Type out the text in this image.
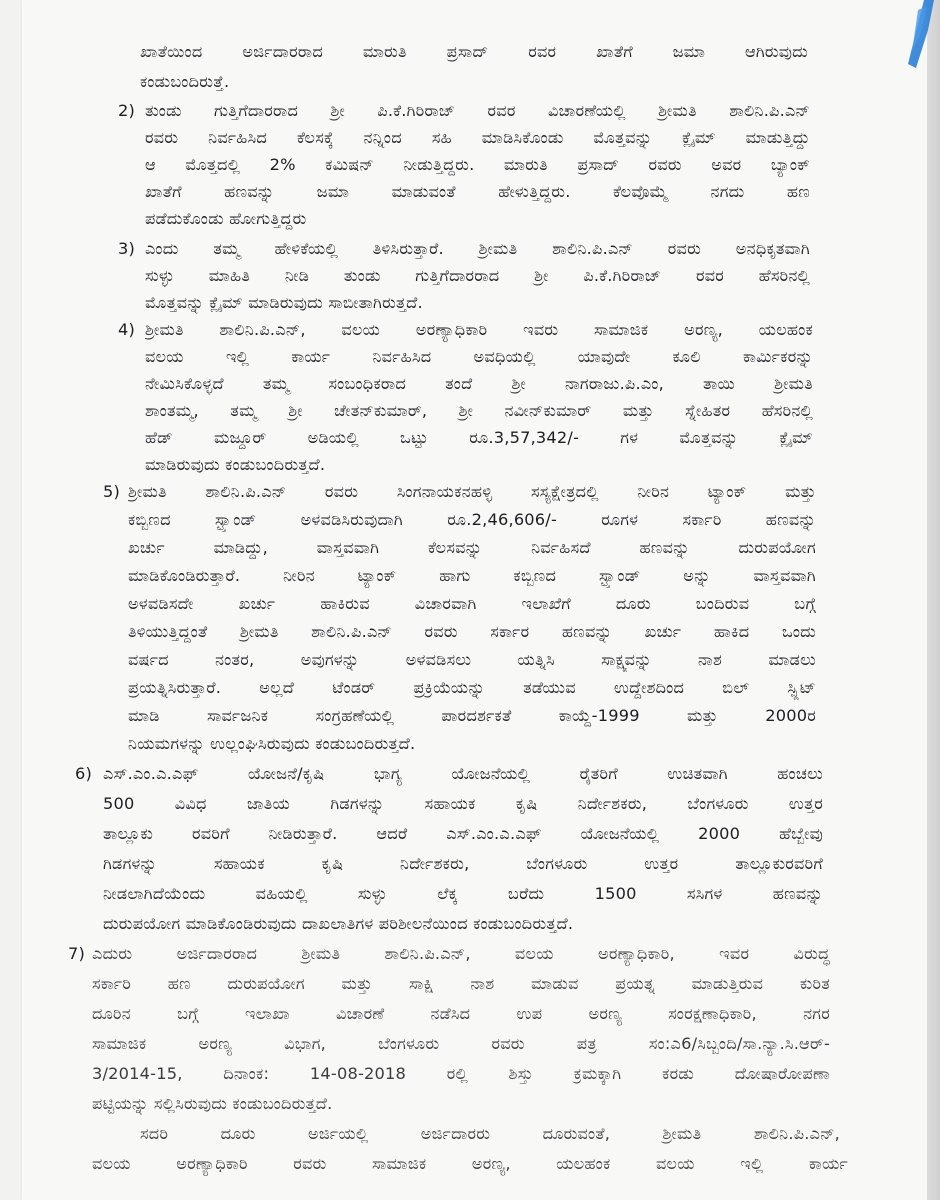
ಖಾತೆಯಿಂದ ಅರ್ಜಿದಾರರಾದ ಮಾರುತಿ ಪ್ರಸಾದ್ ರವರ ಖಾತೆಗೆ ಜಮಾ ಆಗಿರುವುದು
ಕಂಡುಬಂದಿರುತ್ತೆ.
2) ತುಂಡು ಗುತ್ತಿಗೆದಾರರಾದ ಶ್ರೀ ಪಿ.ಕೆ.ಗಿರಿರಾಜ್ ರವರ ವಿಚಾರಣೆಯಲ್ಲಿ ಶ್ರೀಮತಿ ಶಾಲಿನಿ.ಪಿ.ಎನ್
ರವರು ನಿರ್ವಹಿಸಿದ ಕೆಲಸಕ್ಕೆ ನನ್ನಿಂದ ಸಹಿ ಮಾಡಿಸಿಕೊಂಡು ಮೊತ್ತವನ್ನು ಕ್ಲೈಮ್ ಮಾಡುತ್ತಿದ್ದು
ಆ ಮೊತ್ತದಲ್ಲಿ 2% ಕಮಿಷನ್ ನೀಡುತ್ತಿದ್ದರು. ಮಾರುತಿ ಪ್ರಸಾದ್ ರವರು ಅವರ ಬ್ಯಾಂಕ್
ಖಾತೆಗೆ ಹಣವನ್ನು ಜಮಾ ಮಾಡುವಂತೆ ಹೇಳುತ್ತಿದ್ದರು. ಕೆಲವೊಮ್ಮೆ ನಗದು ಹಣ
ಪಡೆದುಕೊಂಡು ಹೋಗುತ್ತಿದ್ದರು
3) ಎಂದು ತಮ್ಮ ಹೇಳಿಕೆಯಲ್ಲಿ ತಿಳಿಸಿರುತ್ತಾರೆ. ಶ್ರೀಮತಿ ಶಾಲಿನಿ.ಪಿ.ಎನ್ ರವರು ಅನಧಿಕೃತವಾಗಿ
ಸುಳ್ಳು ಮಾಹಿತಿ ನೀಡಿ ತುಂಡು ಗುತ್ತಿಗೆದಾರರಾದ ಶ್ರೀ ಪಿ.ಕೆ.ಗಿರಿರಾಜ್ ರವರ ಹೆಸರಿನಲ್ಲಿ
ಮೊತ್ತವನ್ನು ಕ್ಲೈಮ್ ಮಾಡಿರುವುದು ಸಾಬೀತಾಗಿರುತ್ತದೆ.
4) ಶ್ರೀಮತಿ ಶಾಲಿನಿ.ಪಿ.ಎನ್, ವಲಯ ಅರಣ್ಯಾಧಿಕಾರಿ ಇವರು ಸಾಮಾಜಿಕ ಅರಣ್ಯ, ಯಲಹಂಕ
ವಲಯ ಇಲ್ಲಿ ಕಾರ್ಯ ನಿರ್ವಹಿಸಿದ ಅವಧಿಯಲ್ಲಿ ಯಾವುದೇ ಕೂಲಿ ಕಾರ್ಮಿಕರನ್ನು
ನೇಮಿಸಿಕೊಳ್ಳದೆ ತಮ್ಮ ಸಂಬಂಧಿಕರಾದ ತಂದೆ ಶ್ರೀ ನಾಗರಾಜು.ಪಿ.ಎಂ, ತಾಯಿ ಶ್ರೀಮತಿ
ಶಾಂತಮ್ಮ, ತಮ್ಮ ಶ್ರೀ ಚೇತನ್‌ಕುಮಾರ್, ಶ್ರೀ ನವೀನ್‌ಕುಮಾರ್ ಮತ್ತು ಸ್ನೇಹಿತರ ಹೆಸರಿನಲ್ಲಿ
ಹೆಡ್ ಮಜ್ದೂರ್ ಅಡಿಯಲ್ಲಿ ಒಟ್ಟು ರೂ.3,57,342/- ಗಳ ಮೊತ್ತವನ್ನು ಕ್ಲೈಮ್
ಮಾಡಿರುವುದು ಕಂಡುಬಂದಿರುತ್ತದೆ.
5) ಶ್ರೀಮತಿ ಶಾಲಿನಿ.ಪಿ.ಎನ್ ರವರು ಸಿಂಗನಾಯಕನಹಳ್ಳಿ ಸಸ್ಯಕ್ಷೇತ್ರದಲ್ಲಿ ನೀರಿನ ಟ್ಯಾಂಕ್ ಮತ್ತು
ಕಬ್ಬಿಣದ ಸ್ಟ್ಯಾಂಡ್ ಅಳವಡಿಸಿರುವುದಾಗಿ ರೂ.2,46,606/- ರೂಗಳ ಸರ್ಕಾರಿ ಹಣವನ್ನು
ಖರ್ಚು ಮಾಡಿದ್ದು, ವಾಸ್ತವವಾಗಿ ಕೆಲಸವನ್ನು ನಿರ್ವಹಿಸದೆ ಹಣವನ್ನು ದುರುಪಯೋಗ
ಮಾಡಿಕೊಂಡಿರುತ್ತಾರೆ. ನೀರಿನ ಟ್ಯಾಂಕ್ ಹಾಗು ಕಬ್ಬಿಣದ ಸ್ಟ್ಯಾಂಡ್ ಅನ್ನು ವಾಸ್ತವವಾಗಿ
ಅಳವಡಿಸದೇ ಖರ್ಚು ಹಾಕಿರುವ ವಿಚಾರವಾಗಿ ಇಲಾಖೆಗೆ ದೂರು ಬಂದಿರುವ ಬಗ್ಗೆ
ತಿಳಿಯುತ್ತಿದ್ದಂತೆ ಶ್ರೀಮತಿ ಶಾಲಿನಿ.ಪಿ.ಎನ್ ರವರು ಸರ್ಕಾರ ಹಣವನ್ನು ಖರ್ಚು ಹಾಕಿದ ಒಂದು
ವರ್ಷದ ನಂತರ, ಅವುಗಳನ್ನು ಅಳವಡಿಸಲು ಯತ್ನಿಸಿ ಸಾಕ್ಷ್ಯವನ್ನು ನಾಶ ಮಾಡಲು
ಪ್ರಯತ್ನಿಸಿರುತ್ತಾರೆ. ಅಲ್ಲದೆ ಟೆಂಡರ್ ಪ್ರಕ್ರಿಯೆಯನ್ನು ತಡೆಯುವ ಉದ್ದೇಶದಿಂದ ಬಿಲ್ ಸ್ಪ್ಲಿಟ್
ಮಾಡಿ ಸಾರ್ವಜನಿಕ ಸಂಗ್ರಹಣೆಯಲ್ಲಿ ಪಾರದರ್ಶಕತೆ ಕಾಯ್ದೆ-1999 ಮತ್ತು 2000ರ
ನಿಯಮಗಳನ್ನು ಉಲ್ಲಂಘಿಸಿರುವುದು ಕಂಡುಬಂದಿರುತ್ತದೆ.
6) ಎಸ್.ಎಂ.ಎ.ಎಫ್ ಯೋಜನೆ/ಕೃಷಿ ಭಾಗ್ಯ ಯೋಜನೆಯಲ್ಲಿ ರೈತರಿಗೆ ಉಚಿತವಾಗಿ ಹಂಚಲು
500 ವಿವಿಧ ಜಾತಿಯ ಗಿಡಗಳನ್ನು ಸಹಾಯಕ ಕೃಷಿ ನಿರ್ದೇಶಕರು, ಬೆಂಗಳೂರು ಉತ್ತರ
ತಾಲ್ಲೂಕು ರವರಿಗೆ ನೀಡಿರುತ್ತಾರೆ. ಆದರೆ ಎಸ್.ಎಂ.ಎ.ಎಫ್ ಯೋಜನೆಯಲ್ಲಿ 2000 ಹೆಬ್ಬೇವು
ಗಿಡಗಳನ್ನು ಸಹಾಯಕ ಕೃಷಿ ನಿರ್ದೇಶಕರು, ಬೆಂಗಳೂರು ಉತ್ತರ ತಾಲ್ಲೂಕುರವರಿಗೆ
ನೀಡಲಾಗಿದೆಯೆಂದು ವಹಿಯಲ್ಲಿ ಸುಳ್ಳು ಲೆಕ್ಕ ಬರೆದು 1500 ಸಸಿಗಳ ಹಣವನ್ನು
ದುರುಪಯೋಗ ಮಾಡಿಕೊಂಡಿರುವುದು ದಾಖಲಾತಿಗಳ ಪರಿಶೀಲನೆಯಿಂದ ಕಂಡುಬಂದಿರುತ್ತದೆ.
7) ಎದುರು ಅರ್ಜಿದಾರರಾದ ಶ್ರೀಮತಿ ಶಾಲಿನಿ.ಪಿ.ಎನ್, ವಲಯ ಅರಣ್ಯಾಧಿಕಾರಿ, ಇವರ ವಿರುದ್ಧ
ಸರ್ಕಾರಿ ಹಣ ದುರುಪಯೋಗ ಮತ್ತು ಸಾಕ್ಷಿ ನಾಶ ಮಾಡುವ ಪ್ರಯತ್ನ ಮಾಡುತ್ತಿರುವ ಕುರಿತ
ದೂರಿನ ಬಗ್ಗೆ ಇಲಾಖಾ ವಿಚಾರಣೆ ನಡೆಸಿದ ಉಪ ಅರಣ್ಯ ಸಂರಕ್ಷಣಾಧಿಕಾರಿ, ನಗರ
ಸಾಮಾಜಿಕ ಅರಣ್ಯ ವಿಭಾಗ, ಬೆಂಗಳೂರು ರವರು ಪತ್ರ ಸಂ:ಎ6/ಸಿಬ್ಬಂದಿ/ಸಾ.ನ್ಯಾ.ಸಿ.ಆರ್-
3/2014-15, ದಿನಾಂಕ: 14-08-2018 ರಲ್ಲಿ ಶಿಸ್ತು ಕ್ರಮಕ್ಕಾಗಿ ಕರಡು ದೋಷಾರೋಪಣಾ
ಪಟ್ಟಿಯನ್ನು ಸಲ್ಲಿಸಿರುವುದು ಕಂಡುಬಂದಿರುತ್ತದೆ.
ಸದರಿ ದೂರು ಅರ್ಜಿಯಲ್ಲಿ ಅರ್ಜಿದಾರರು ದೂರುವಂತೆ, ಶ್ರೀಮತಿ ಶಾಲಿನಿ.ಪಿ.ಎನ್,
ವಲಯ ಅರಣ್ಯಾಧಿಕಾರಿ ರವರು ಸಾಮಾಜಿಕ ಅರಣ್ಯ, ಯಲಹಂಕ ವಲಯ ಇಲ್ಲಿ ಕಾರ್ಯ
